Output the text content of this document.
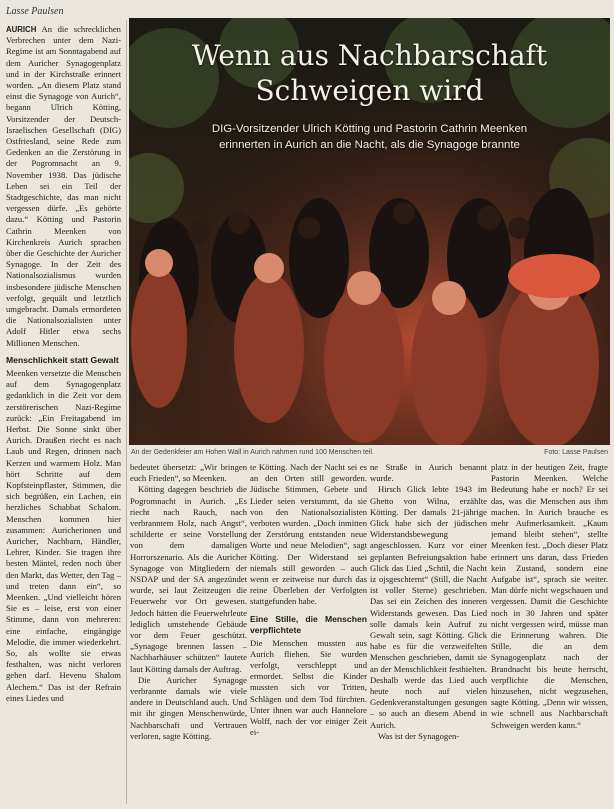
Lasse Paulsen

AURICH An die schrecklichen Verbrechen unter dem Nazi-Regime ist am Sonntagabend auf dem Auricher Synagogenplatz und in der Kirchstraße erinnert worden. „An diesem Platz stand einst die Synagoge von Aurich“, begann Ulrich Kötting, Vorsitzender der Deutsch-Israelischen Gesellschaft (DIG) Ostfriesland, seine Rede zum Gedenken an die Zerstörung in der Pogromnacht an 9. November 1938. Das jüdische Leben sei ein Teil der Stadtgeschichte, das man nicht vergessen dürfe. „Es gehörte dazu.“ Kötting und Pastorin Cathrin Meenken von Kirchenkreis Aurich sprachen über die Geschichte der Auricher Synagoge. In der Zeit des Nationalsozialismus wurden insbesondere jüdische Menschen verfolgt, gequält und letztlich umgebracht. Damals ermordeten die Nationalsozialisten unter Adolf Hitler etwa sechs Millionen Menschen.

Menschlichkeit statt Gewalt

Meenken versetzte die Menschen auf dem Synagogenplatz gedanklich in die Zeit vor dem zerstörerischen Nazi-Regime zurück: „Ein Freitagabend im Herbst. Die Sonne sinkt über Aurich. Draußen riecht es nach Laub und Regen, drinnen nach Kerzen und warmem Holz. Man hört Schritte auf dem Kopfsteinpflaster, Stimmen, die sich begrüßen, ein Lachen, ein herzliches Schabbat Schalom. Menschen kommen hier zusammen: Auricherinnen und Auricher, Nachbarn, Händler, Lehrer, Kinder. Sie tragen ihre besten Mäntel, reden noch über den Markt, das Wetter, den Tag – und treten dann ein“, so Meenken. „Und vielleicht hören Sie es – leise, erst von einer Stimme, dann von mehreren: eine einfache, eingängige Melodie, die immer wiederkehrt. So, als wollte sie etwas festhalten, was nicht verloren gehen darf. Hevenu Shalom Alechem.“ Das ist der Refrain eines Liedes und

Wenn aus Nachbarschaft
Schweigen wird
DIG-Vorsitzender Ulrich Kötting und Pastorin Cathrin Meenken
erinnerten in Aurich an die Nacht, als die Synagoge brannte
An der Gedenkfeier am Hohen Wall in Aurich nahmen rund 100 Menschen teil.	Foto: Lasse Paulsen

bedeutet übersetzt: „Wir bringen euch Frieden“, so Meenken.

Kötting dagegen beschrieb die Pogromnacht in Aurich. „Es riecht nach Rauch, nach verbranntem Holz, nach Angst“, schilderte er seine Vorstellung von dem damaligen Horrorszenario. Als die Auricher Synagoge von Mitgliedern der NSDAP und der SA angezündet wurde, sei laut Zeitzeugen die Feuerwehr vor Ort gewesen. Jedoch hätten die Feuerwehrleute lediglich umstehende Gebäude vor dem Feuer geschützt. „Synagoge brennen lassen – Nachbarhäuser schützen“ lautete laut Kötting damals der Auftrag.

Die Auricher Synagoge verbrannte damals wie viele andere in Deutschland auch. Und mit ihr gingen Menschenwürde, Nachbarschaft und Vertrauen verloren, sagte Kötting.

te Kötting. Nach der Nacht sei es an den Orten still geworden. Jüdische Stimmen, Gebete und Lieder seien verstummt, da sie von den Nationalsozialisten verboten wurden. „Doch inmitten der Zerstörung entstanden neue Worte und neue Melodien“, sagt Kötting. Der Widerstand sei niemals still geworden – auch wenn er zeitweise nur durch das reine Überleben der Verfolgten stattgefunden habe.

Eine Stille, die Menschen verpflichtete

Die Menschen mussten aus Aurich fliehen. Sie wurden verfolgt, verschleppt und ermordet. Selbst die Kinder mussten sich vor Tritten, Schlägen und dem Tod fürchten. Unter ihnen war auch Hannelore Wolff, nach der vor einiger Zeit ei-

ne Straße in Aurich benannt wurde.

Hirsch Glick lebte 1943 im Ghetto von Wilna, erzählte Kötting. Der damals 21-jährige Glick habe sich der jüdischen Widerstandsbewegung angeschlossen. Kurz vor einer geplanten Befreiungsaktion habe Glick das Lied „Schtil, die Nacht iz ojsgeschternt“ (Still, die Nacht ist voller Sterne) geschrieben. Das sei ein Zeichen des inneren Widerstands gewesen. Das Lied solle damals kein Aufruf zu Gewalt sein, sagt Kötting. Glick habe es für die verzweifelten Menschen geschrieben, damit sie an der Menschlichkeit festhielten. Deshalb werde das Lied auch heute noch auf vielen Gedenkveranstaltungen gesungen – so auch an diesem Abend in Aurich.

Was ist der Synagogen-

platz in der heutigen Zeit, fragte Pastorin Meenken. Welche Bedeutung habe er noch? Er sei das, was die Menschen aus ihm machen. In Aurich brauche es mehr Aufmerksamkeit. „Kaum jemand bleibt stehen“, stellte Meenken fest. „Doch dieser Platz erinnert uns daran, dass Frieden kein Zustand, sondern eine Aufgabe ist“, sprach sie weiter. Man dürfe nicht wegschauen und vergessen. Damit die Geschichte noch in 30 Jahren und später nicht vergessen wird, müsse man die Erinnerung wahren. Die Stille, die an dem Synagogenplatz nach der Brandnacht bis heute herrscht, verpflichte die Menschen, hinzusehen, nicht wegzusehen, sagte Kötting. „Denn wir wissen, wie schnell aus Nachbarschaft Schweigen werden kann.“
